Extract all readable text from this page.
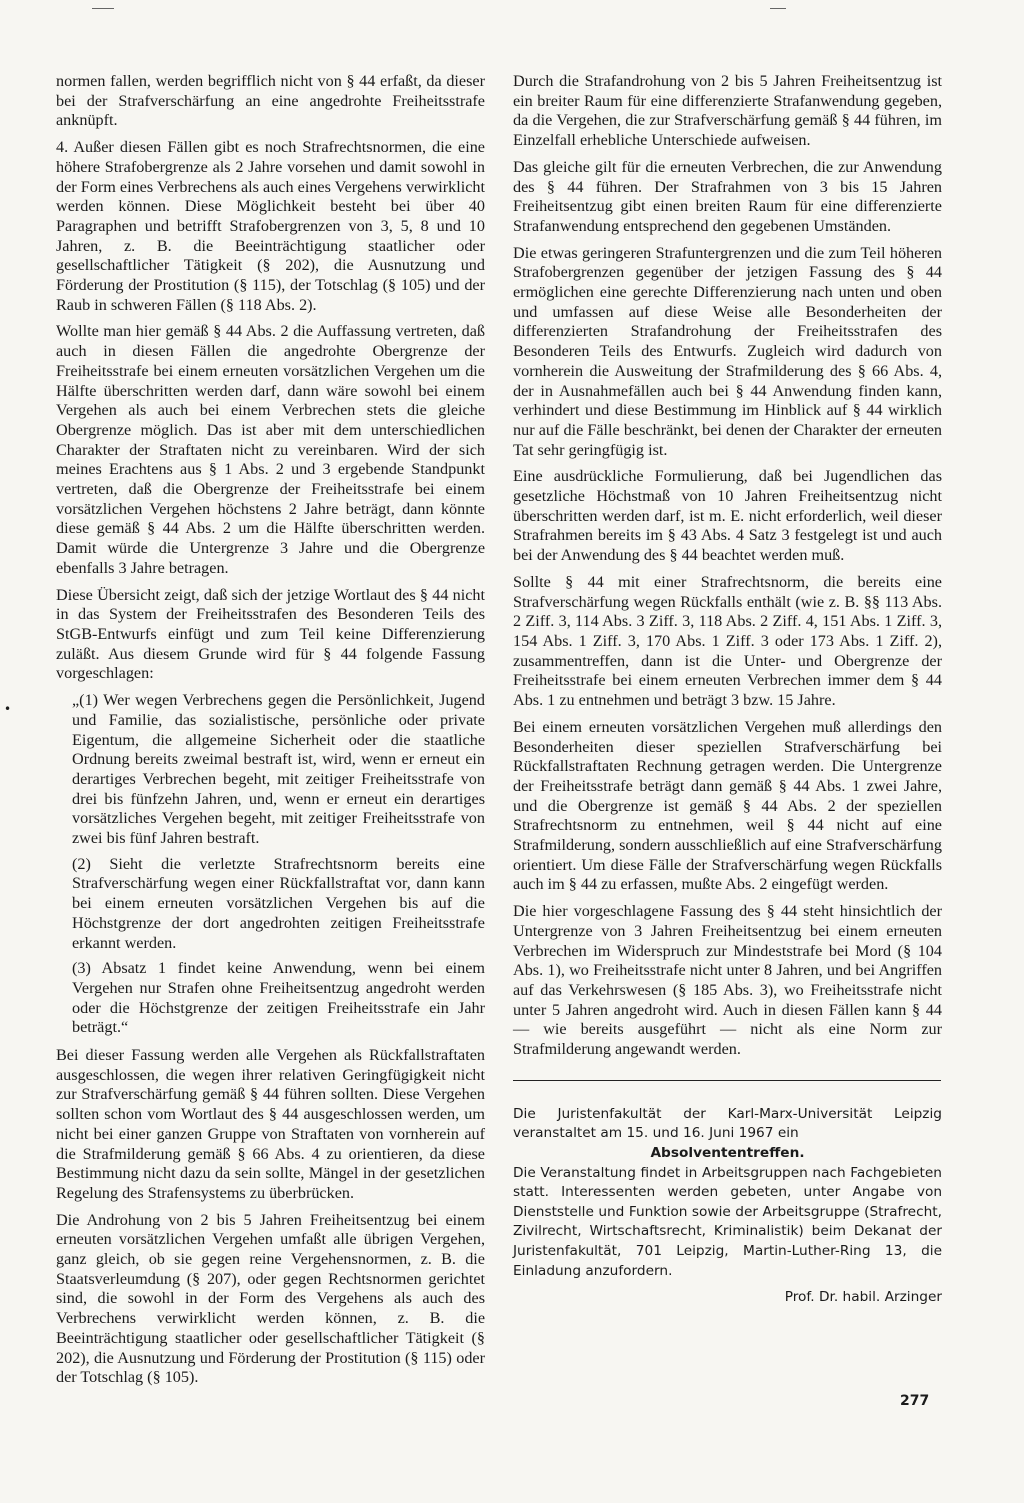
•

normen fallen, werden begrifflich nicht von § 44 erfaßt, da dieser bei der Strafverschärfung an eine angedrohte Freiheitsstrafe anknüpft.

4. Außer diesen Fällen gibt es noch Strafrechtsnormen, die eine höhere Strafobergrenze als 2 Jahre vorsehen und damit sowohl in der Form eines Verbrechens als auch eines Vergehens verwirklicht werden können. Diese Möglichkeit besteht bei über 40 Paragraphen und betrifft Strafobergrenzen von 3, 5, 8 und 10 Jahren, z. B. die Beeinträchtigung staatlicher oder gesellschaftlicher Tätigkeit (§ 202), die Ausnutzung und Förderung der Prostitution (§ 115), der Totschlag (§ 105) und der Raub in schweren Fällen (§ 118 Abs. 2).

Wollte man hier gemäß § 44 Abs. 2 die Auffassung vertreten, daß auch in diesen Fällen die angedrohte Obergrenze der Freiheitsstrafe bei einem erneuten vorsätzlichen Vergehen um die Hälfte überschritten werden darf, dann wäre sowohl bei einem Vergehen als auch bei einem Verbrechen stets die gleiche Obergrenze möglich. Das ist aber mit dem unterschiedlichen Charakter der Straftaten nicht zu vereinbaren. Wird der sich meines Erachtens aus § 1 Abs. 2 und 3 ergebende Standpunkt vertreten, daß die Obergrenze der Freiheitsstrafe bei einem vorsätzlichen Vergehen höchstens 2 Jahre beträgt, dann könnte diese gemäß § 44 Abs. 2 um die Hälfte überschritten werden. Damit würde die Untergrenze 3 Jahre und die Obergrenze ebenfalls 3 Jahre betragen.

Diese Übersicht zeigt, daß sich der jetzige Wortlaut des § 44 nicht in das System der Freiheitsstrafen des Besonderen Teils des StGB-Entwurfs einfügt und zum Teil keine Differenzierung zuläßt. Aus diesem Grunde wird für § 44 folgende Fassung vorgeschlagen:

„(1) Wer wegen Verbrechens gegen die Persönlichkeit, Jugend und Familie, das sozialistische, persönliche oder private Eigentum, die allgemeine Sicherheit oder die staatliche Ordnung bereits zweimal bestraft ist, wird, wenn er erneut ein derartiges Verbrechen begeht, mit zeitiger Freiheitsstrafe von drei bis fünfzehn Jahren, und, wenn er erneut ein derartiges vorsätzliches Vergehen begeht, mit zeitiger Freiheitsstrafe von zwei bis fünf Jahren bestraft.

(2) Sieht die verletzte Strafrechtsnorm bereits eine Strafverschärfung wegen einer Rückfallstraftat vor, dann kann bei einem erneuten vorsätzlichen Vergehen bis auf die Höchstgrenze der dort angedrohten zeitigen Freiheitsstrafe erkannt werden.

(3) Absatz 1 findet keine Anwendung, wenn bei einem Vergehen nur Strafen ohne Freiheitsentzug angedroht werden oder die Höchstgrenze der zeitigen Freiheitsstrafe ein Jahr beträgt.“

Bei dieser Fassung werden alle Vergehen als Rückfallstraftaten ausgeschlossen, die wegen ihrer relativen Geringfügigkeit nicht zur Strafverschärfung gemäß § 44 führen sollten. Diese Vergehen sollten schon vom Wortlaut des § 44 ausgeschlossen werden, um nicht bei einer ganzen Gruppe von Straftaten von vornherein auf die Strafmilderung gemäß § 66 Abs. 4 zu orientieren, da diese Bestimmung nicht dazu da sein sollte, Mängel in der gesetzlichen Regelung des Strafensystems zu überbrücken.

Die Androhung von 2 bis 5 Jahren Freiheitsentzug bei einem erneuten vorsätzlichen Vergehen umfaßt alle übrigen Vergehen, ganz gleich, ob sie gegen reine Vergehensnormen, z. B. die Staatsverleumdung (§ 207), oder gegen Rechtsnormen gerichtet sind, die sowohl in der Form des Vergehens als auch des Verbrechens verwirklicht werden können, z. B. die Beeinträchtigung staatlicher oder gesellschaftlicher Tätigkeit (§ 202), die Ausnutzung und Förderung der Prostitution (§ 115) oder der Totschlag (§ 105).

Durch die Strafandrohung von 2 bis 5 Jahren Freiheitsentzug ist ein breiter Raum für eine differenzierte Strafanwendung gegeben, da die Vergehen, die zur Strafverschärfung gemäß § 44 führen, im Einzelfall erhebliche Unterschiede aufweisen.

Das gleiche gilt für die erneuten Verbrechen, die zur Anwendung des § 44 führen. Der Strafrahmen von 3 bis 15 Jahren Freiheitsentzug gibt einen breiten Raum für eine differenzierte Strafanwendung entsprechend den gegebenen Umständen.

Die etwas geringeren Strafuntergrenzen und die zum Teil höheren Strafobergrenzen gegenüber der jetzigen Fassung des § 44 ermöglichen eine gerechte Differenzierung nach unten und oben und umfassen auf diese Weise alle Besonderheiten der differenzierten Strafandrohung der Freiheitsstrafen des Besonderen Teils des Entwurfs. Zugleich wird dadurch von vornherein die Ausweitung der Strafmilderung des § 66 Abs. 4, der in Ausnahmefällen auch bei § 44 Anwendung finden kann, verhindert und diese Bestimmung im Hinblick auf § 44 wirklich nur auf die Fälle beschränkt, bei denen der Charakter der erneuten Tat sehr geringfügig ist.

Eine ausdrückliche Formulierung, daß bei Jugendlichen das gesetzliche Höchstmaß von 10 Jahren Freiheitsentzug nicht überschritten werden darf, ist m. E. nicht erforderlich, weil dieser Strafrahmen bereits im § 43 Abs. 4 Satz 3 festgelegt ist und auch bei der Anwendung des § 44 beachtet werden muß.

Sollte § 44 mit einer Strafrechtsnorm, die bereits eine Strafverschärfung wegen Rückfalls enthält (wie z. B. §§ 113 Abs. 2 Ziff. 3, 114 Abs. 3 Ziff. 3, 118 Abs. 2 Ziff. 4, 151 Abs. 1 Ziff. 3, 154 Abs. 1 Ziff. 3, 170 Abs. 1 Ziff. 3 oder 173 Abs. 1 Ziff. 2), zusammentreffen, dann ist die Unter- und Obergrenze der Freiheitsstrafe bei einem erneuten Verbrechen immer dem § 44 Abs. 1 zu entnehmen und beträgt 3 bzw. 15 Jahre.

Bei einem erneuten vorsätzlichen Vergehen muß allerdings den Besonderheiten dieser speziellen Strafverschärfung bei Rückfallstraftaten Rechnung getragen werden. Die Untergrenze der Freiheitsstrafe beträgt dann gemäß § 44 Abs. 1 zwei Jahre, und die Obergrenze ist gemäß § 44 Abs. 2 der speziellen Strafrechtsnorm zu entnehmen, weil § 44 nicht auf eine Strafmilderung, sondern ausschließlich auf eine Strafverschärfung orientiert. Um diese Fälle der Strafverschärfung wegen Rückfalls auch im § 44 zu erfassen, mußte Abs. 2 eingefügt werden.

Die hier vorgeschlagene Fassung des § 44 steht hinsichtlich der Untergrenze von 3 Jahren Freiheitsentzug bei einem erneuten Verbrechen im Widerspruch zur Mindeststrafe bei Mord (§ 104 Abs. 1), wo Freiheitsstrafe nicht unter 8 Jahren, und bei Angriffen auf das Verkehrswesen (§ 185 Abs. 3), wo Freiheitsstrafe nicht unter 5 Jahren angedroht wird. Auch in diesen Fällen kann § 44 — wie bereits ausgeführt — nicht als eine Norm zur Strafmilderung angewandt werden.

Die Juristenfakultät der Karl-Marx-Universität Leipzig veranstaltet am 15. und 16. Juni 1967 ein

Absolvententreffen.

Die Veranstaltung findet in Arbeitsgruppen nach Fachgebieten statt. Interessenten werden gebeten, unter Angabe von Dienststelle und Funktion sowie der Arbeitsgruppe (Strafrecht, Zivilrecht, Wirtschaftsrecht, Kriminalistik) beim Dekanat der Juristenfakultät, 701 Leipzig, Martin-Luther-Ring 13, die Einladung anzufordern.

Prof. Dr. habil. Arzinger

277
